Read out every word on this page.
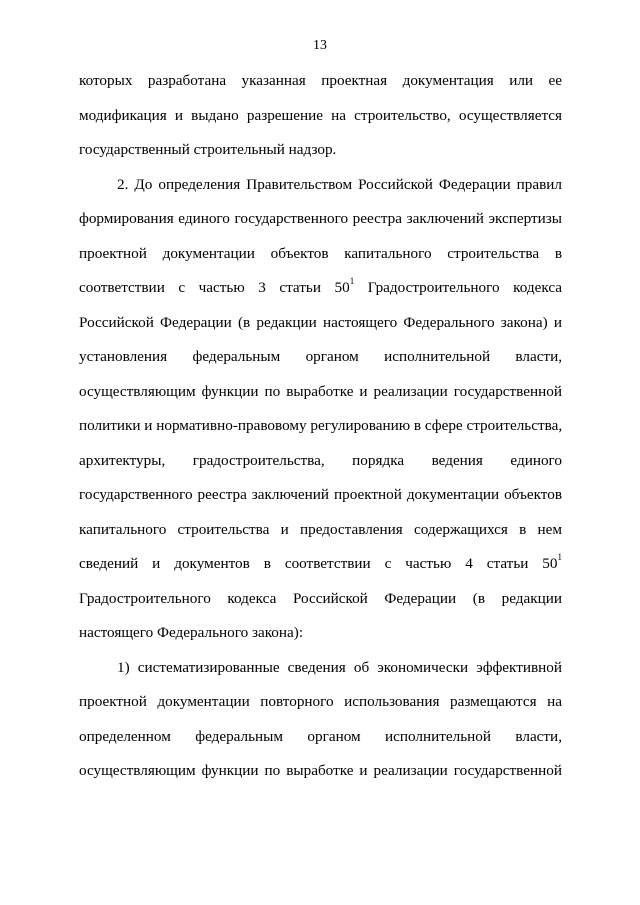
13
которых разработана указанная проектная документация или ее
модификация и выдано разрешение на строительство, осуществляется
государственный строительный надзор.
2. До определения Правительством Российской Федерации правил
формирования единого государственного реестра заключений экспертизы
проектной документации объектов капитального строительства в
соответствии с частью 3 статьи $50^1$ Градостроительного кодекса
Российской Федерации (в редакции настоящего Федерального закона) и
установления федеральным органом исполнительной власти,
осуществляющим функции по выработке и реализации государственной
политики и нормативно-правовому регулированию в сфере строительства,
архитектуры, градостроительства, порядка ведения единого
государственного реестра заключений проектной документации объектов
капитального строительства и предоставления содержащихся в нем
сведений и документов в соответствии с частью 4 статьи $50^1$
Градостроительного кодекса Российской Федерации (в редакции
настоящего Федерального закона):
1) систематизированные сведения об экономически эффективной
проектной документации повторного использования размещаются на
определенном федеральным органом исполнительной власти,
осуществляющим функции по выработке и реализации государственной
